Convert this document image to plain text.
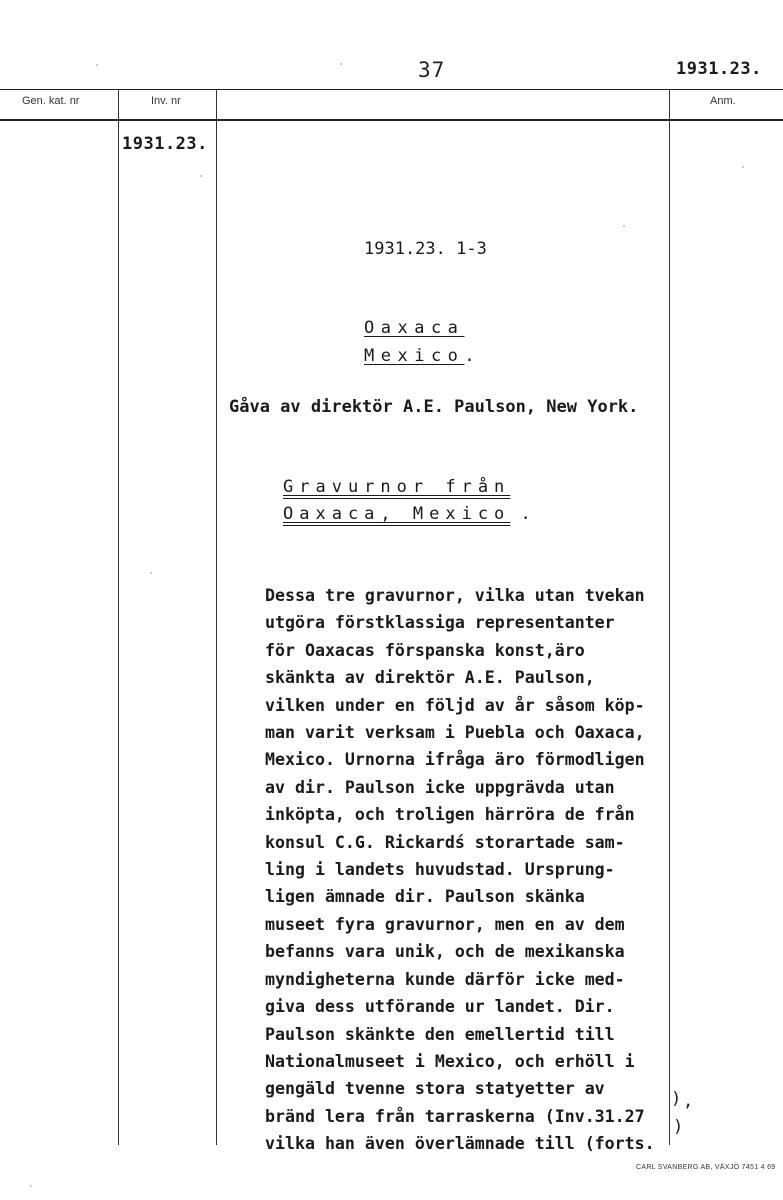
37	1931.23.
Gen. kat. nr	Inv. nr	Anm.
1931.23.
1931.23. 1-3
Oaxaca
Mexico.
Gåva av direktör A.E. Paulson, New York.
Gravurnor från
Oaxaca, Mexico .
Dessa tre gravurnor, vilka utan tvekan
utgöra förstklassiga representanter
för Oaxacas förspanska konst,äro
skänkta av direktör A.E. Paulson,
vilken under en följd av år såsom köp-
man varit verksam i Puebla och Oaxaca,
Mexico. Urnorna ifråga äro förmodligen
av dir. Paulson icke uppgrävda utan
inköpta, och troligen härröra de från
konsul C.G. Rickardś storartade sam-
ling i landets huvudstad. Ursprung-
ligen ämnade dir. Paulson skänka
museet fyra gravurnor, men en av dem
befanns vara unik, och de mexikanska
myndigheterna kunde därför icke med-
giva dess utförande ur landet. Dir.
Paulson skänkte den emellertid till
Nationalmuseet i Mexico, och erhöll i
gengäld tvenne stora statyetter av
bränd lera från tarraskerna (Inv.31.27
vilka han även överlämnade till (forts.
) ,
)
CARL SVANBERG AB, VÄXJÖ 7451 4 69
